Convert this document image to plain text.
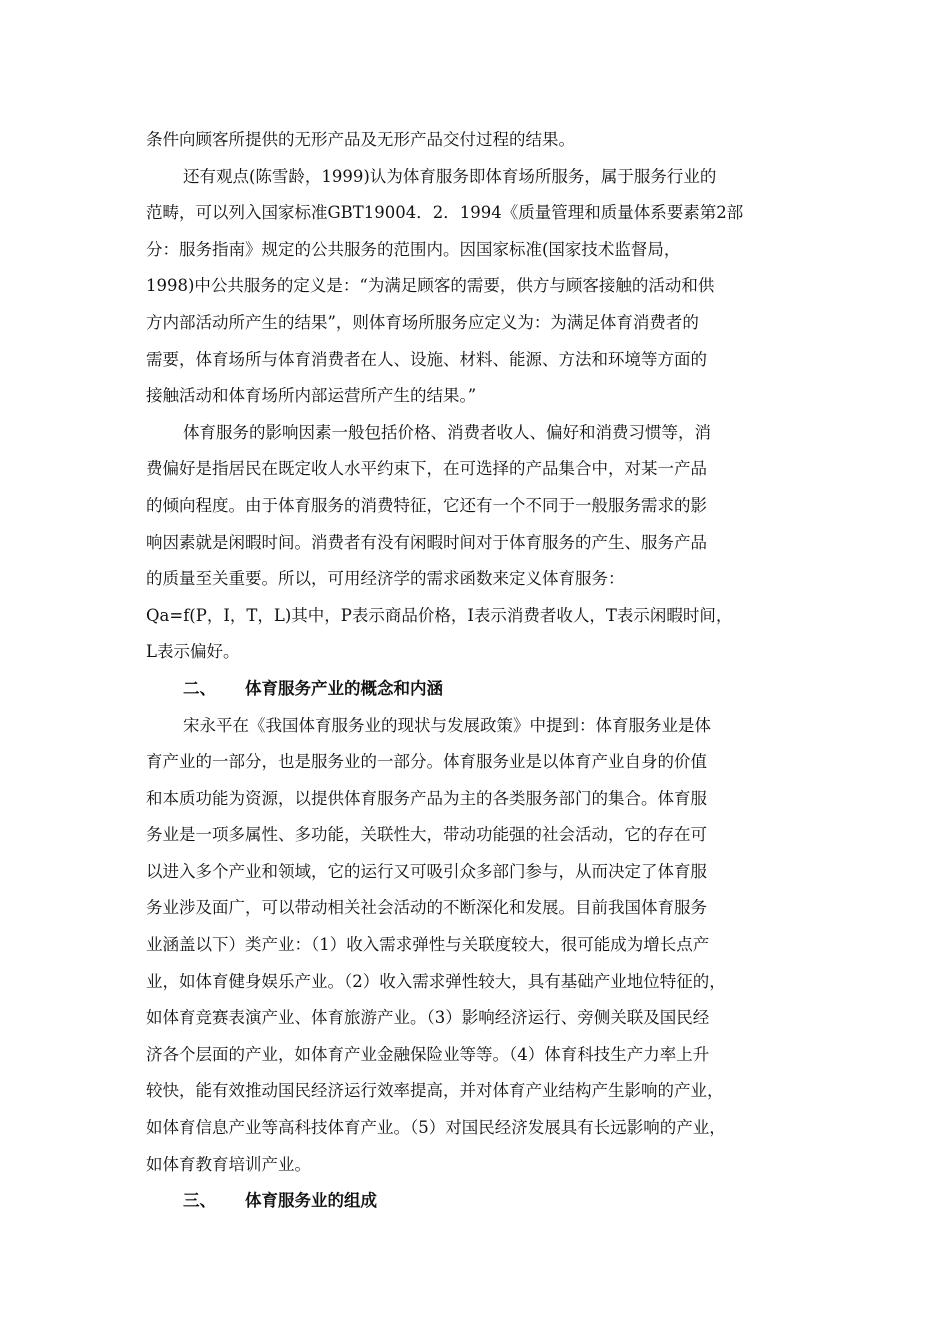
条件向顾客所提供的无形产品及无形产品交付过程的结果。
还有观点(陈雪龄，1999)认为体育服务即体育场所服务，属于服务行业的
范畴，可以列入国家标准GBT19004．2．1994《质量管理和质量体系要素第2部
分：服务指南》规定的公共服务的范围内。因国家标准(国家技术监督局，
1998)中公共服务的定义是：“为满足顾客的需要，供方与顾客接触的活动和供
方内部活动所产生的结果”，则体育场所服务应定义为：为满足体育消费者的
需要，体育场所与体育消费者在人、设施、材料、能源、方法和环境等方面的
接触活动和体育场所内部运营所产生的结果。”
体育服务的影响因素一般包括价格、消费者收人、偏好和消费习惯等，消
费偏好是指居民在既定收人水平约束下，在可选择的产品集合中，对某一产品
的倾向程度。由于体育服务的消费特征，它还有一个不同于一般服务需求的影
响因素就是闲暇时间。消费者有没有闲暇时间对于体育服务的产生、服务产品
的质量至关重要。所以，可用经济学的需求函数来定义体育服务：
Qa=f(P，I，T，L)其中，P表示商品价格，I表示消费者收人，T表示闲暇时间，
L表示偏好。
二、 体育服务产业的概念和内涵
宋永平在《我国体育服务业的现状与发展政策》中提到：体育服务业是体
育产业的一部分，也是服务业的一部分。体育服务业是以体育产业自身的价值
和本质功能为资源，以提供体育服务产品为主的各类服务部门的集合。体育服
务业是一项多属性、多功能，关联性大，带动功能强的社会活动，它的存在可
以进入多个产业和领域，它的运行又可吸引众多部门参与，从而决定了体育服
务业涉及面广，可以带动相关社会活动的不断深化和发展。目前我国体育服务
业涵盖以下）类产业：（1）收入需求弹性与关联度较大，很可能成为增长点产
业，如体育健身娱乐产业。（2）收入需求弹性较大，具有基础产业地位特征的，
如体育竞赛表演产业、体育旅游产业。（3）影响经济运行、旁侧关联及国民经
济各个层面的产业，如体育产业金融保险业等等。（4）体育科技生产力率上升
较快，能有效推动国民经济运行效率提高，并对体育产业结构产生影响的产业，
如体育信息产业等高科技体育产业。（5）对国民经济发展具有长远影响的产业，
如体育教育培训产业。
三、 体育服务业的组成
